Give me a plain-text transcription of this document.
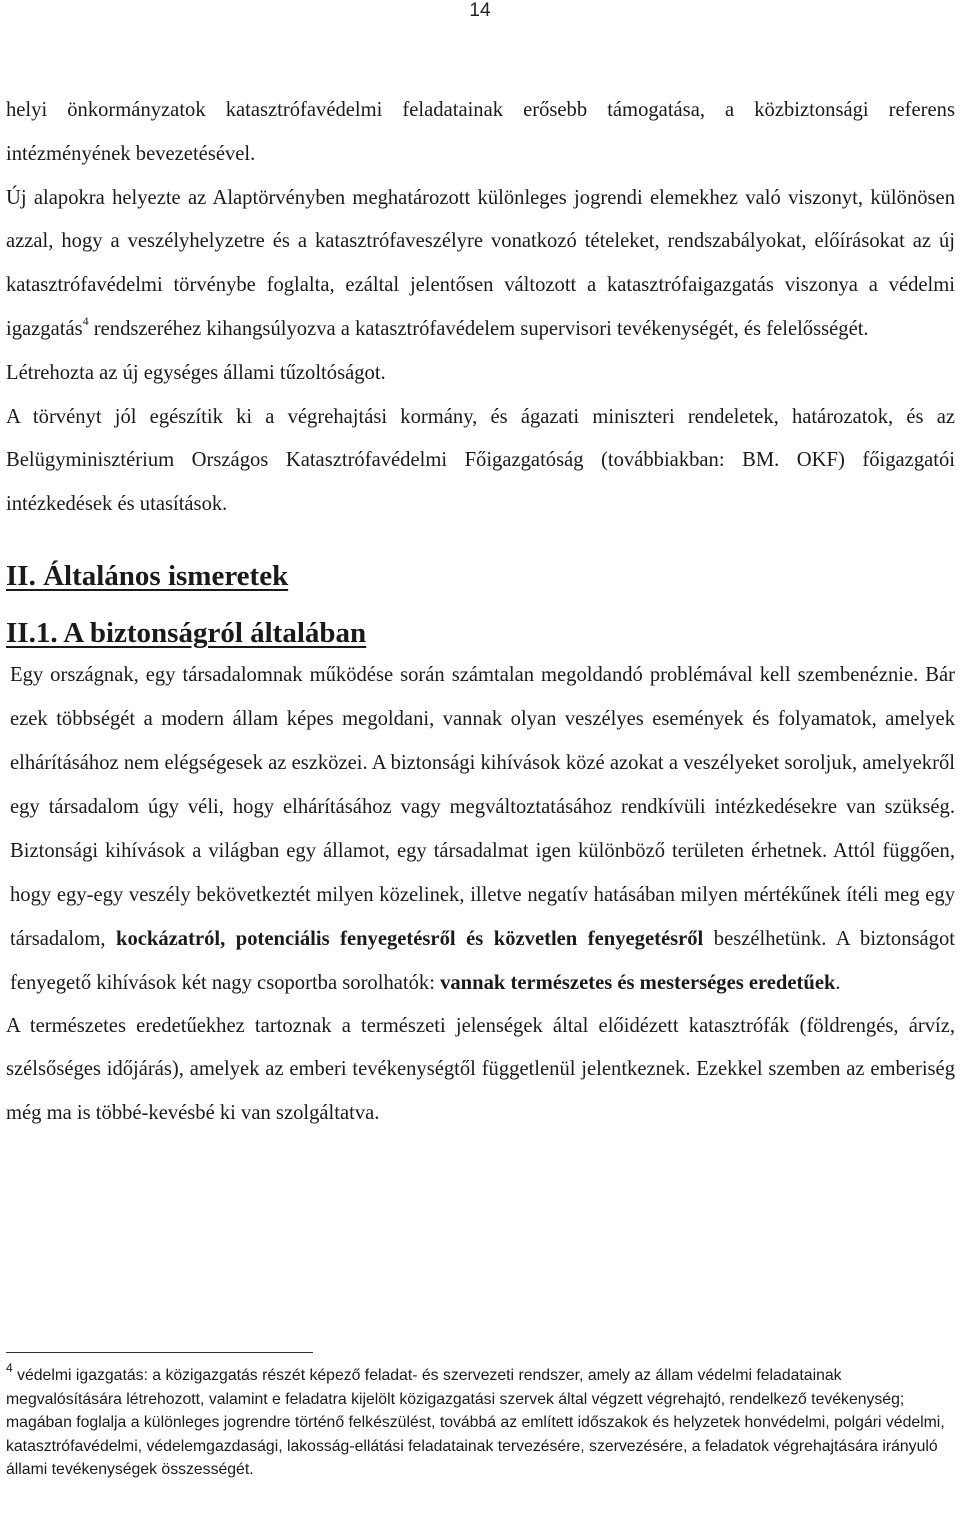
14

helyi önkormányzatok katasztrófavédelmi feladatainak erősebb támogatása, a közbiztonsági referens intézményének bevezetésével.

Új alapokra helyezte az Alaptörvényben meghatározott különleges jogrendi elemekhez való viszonyt, különösen azzal, hogy a veszélyhelyzetre és a katasztrófaveszélyre vonatkozó tételeket, rendszabályokat, előírásokat az új katasztrófavédelmi törvénybe foglalta, ezáltal jelentősen változott a katasztrófaigazgatás viszonya a védelmi igazgatás$^4$ rendszeréhez kihangsúlyozva a katasztrófavédelem supervisori tevékenységét, és felelősségét.

Létrehozta az új egységes állami tűzoltóságot.

A törvényt jól egészítik ki a végrehajtási kormány, és ágazati miniszteri rendeletek, határozatok, és az Belügyminisztérium Országos Katasztrófavédelmi Főigazgatóság (továbbiakban: BM. OKF) főigazgatói intézkedések és utasítások.

II. Általános ismeretek
II.1. A biztonságról általában

Egy országnak, egy társadalomnak működése során számtalan megoldandó problémával kell szembenéznie. Bár ezek többségét a modern állam képes megoldani, vannak olyan veszélyes események és folyamatok, amelyek elhárításához nem elégségesek az eszközei. A biztonsági kihívások közé azokat a veszélyeket soroljuk, amelyekről egy társadalom úgy véli, hogy elhárításához vagy megváltoztatásához rendkívüli intézkedésekre van szükség. Biztonsági kihívások a világban egy államot, egy társadalmat igen különböző területen érhetnek. Attól függően, hogy egy-egy veszély bekövetkeztét milyen közelinek, illetve negatív hatásában milyen mértékűnek ítéli meg egy társadalom, kockázatról, potenciális fenyegetésről és közvetlen fenyegetésről beszélhetünk. A biztonságot fenyegető kihívások két nagy csoportba sorolhatók: vannak természetes és mesterséges eredetűek.

A természetes eredetűekhez tartoznak a természeti jelenségek által előidézett katasztrófák (földrengés, árvíz, szélsőséges időjárás), amelyek az emberi tevékenységtől függetlenül jelentkeznek. Ezekkel szemben az emberiség még ma is többé-kevésbé ki van szolgáltatva.

$^4$ védelmi igazgatás: a közigazgatás részét képező feladat- és szervezeti rendszer, amely az állam védelmi feladatainak megvalósítására létrehozott, valamint e feladatra kijelölt közigazgatási szervek által végzett végrehajtó, rendelkező tevékenység; magában foglalja a különleges jogrendre történő felkészülést, továbbá az említett időszakok és helyzetek honvédelmi, polgári védelmi, katasztrófavédelmi, védelemgazdasági, lakosság-ellátási feladatainak tervezésére, szervezésére, a feladatok végrehajtására irányuló állami tevékenységek összességét.
